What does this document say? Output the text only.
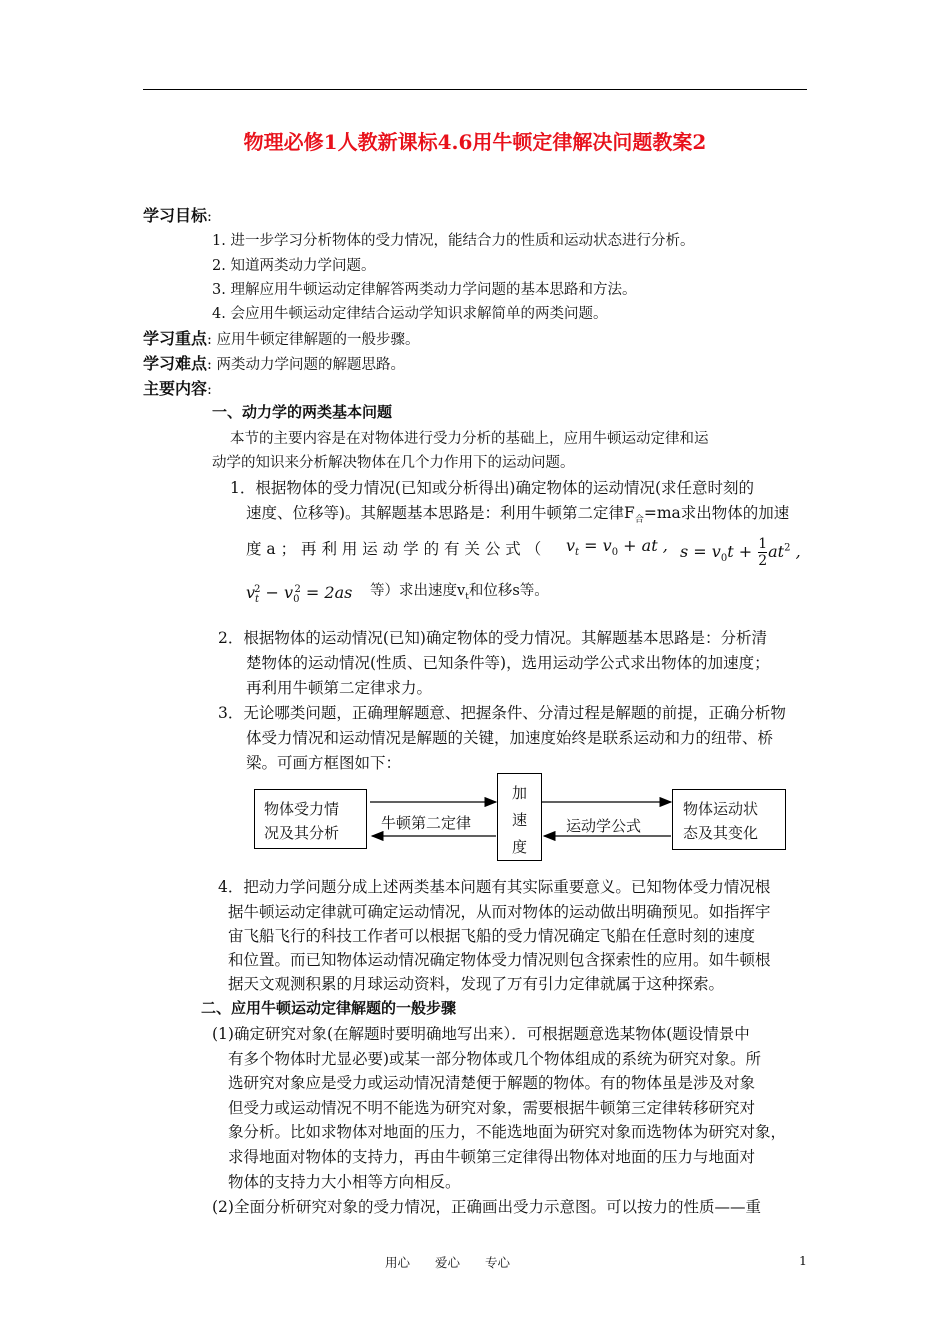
物理必修1人教新课标4.6用牛顿定律解决问题教案2
学习目标:
1. 进一步学习分析物体的受力情况，能结合力的性质和运动状态进行分析。
2. 知道两类动力学问题。
3. 理解应用牛顿运动定律解答两类动力学问题的基本思路和方法。
4. 会应用牛顿运动定律结合运动学知识求解简单的两类问题。
学习重点: 应用牛顿定律解题的一般步骤。
学习难点: 两类动力学问题的解题思路。
主要内容:
一、动力学的两类基本问题
本节的主要内容是在对物体进行受力分析的基础上，应用牛顿运动定律和运
动学的知识来分析解决物体在几个力作用下的运动问题。
1．根据物体的受力情况(已知或分析得出)确定物体的运动情况(求任意时刻的
速度、位移等)。其解题基本思路是：利用牛顿第二定律$F_合=ma$求出物体的加速
度 a ； 再 利 用 运 动 学 的 有 关 公 式 （ $v_t = v_0$ + at , $s = v_0t + 1$

2 $at^2$ ,
$v_t^2 - v_0^2 = 2as$ 等）求出速度$v_t$和位移s等。
2．根据物体的运动情况(已知)确定物体的受力情况。其解题基本思路是：分析清
楚物体的运动情况(性质、已知条件等)，选用运动学公式求出物体的加速度；
再利用牛顿第二定律求力。
3．无论哪类问题，正确理解题意、把握条件、分清过程是解题的前提，正确分析物
体受力情况和运动情况是解题的关键，加速度始终是联系运动和力的纽带、桥
梁。可画方框图如下：
物体受力情
况及其分析
加
速
度
物体运动状
态及其变化
牛顿第二定律	运动学公式
4．把动力学问题分成上述两类基本问题有其实际重要意义。已知物体受力情况根
据牛顿运动定律就可确定运动情况，从而对物体的运动做出明确预见。如指挥宇
宙飞船飞行的科技工作者可以根据飞船的受力情况确定飞船在任意时刻的速度
和位置。而已知物体运动情况确定物体受力情况则包含探索性的应用。如牛顿根
据天文观测积累的月球运动资料，发现了万有引力定律就属于这种探索。
二、应用牛顿运动定律解题的一般步骤
(1)确定研究对象(在解题时要明确地写出来）．可根据题意选某物体(题设情景中
有多个物体时尤显必要)或某一部分物体或几个物体组成的系统为研究对象。所
选研究对象应是受力或运动情况清楚便于解题的物体。有的物体虽是涉及对象
但受力或运动情况不明不能选为研究对象，需要根据牛顿第三定律转移研究对
象分析。比如求物体对地面的压力，不能选地面为研究对象而选物体为研究对象，
求得地面对物体的支持力，再由牛顿第三定律得出物体对地面的压力与地面对
物体的支持力大小相等方向相反。
(2)全面分析研究对象的受力情况，正确画出受力示意图。可以按力的性质——重
用心　　爱心　　专心	1
